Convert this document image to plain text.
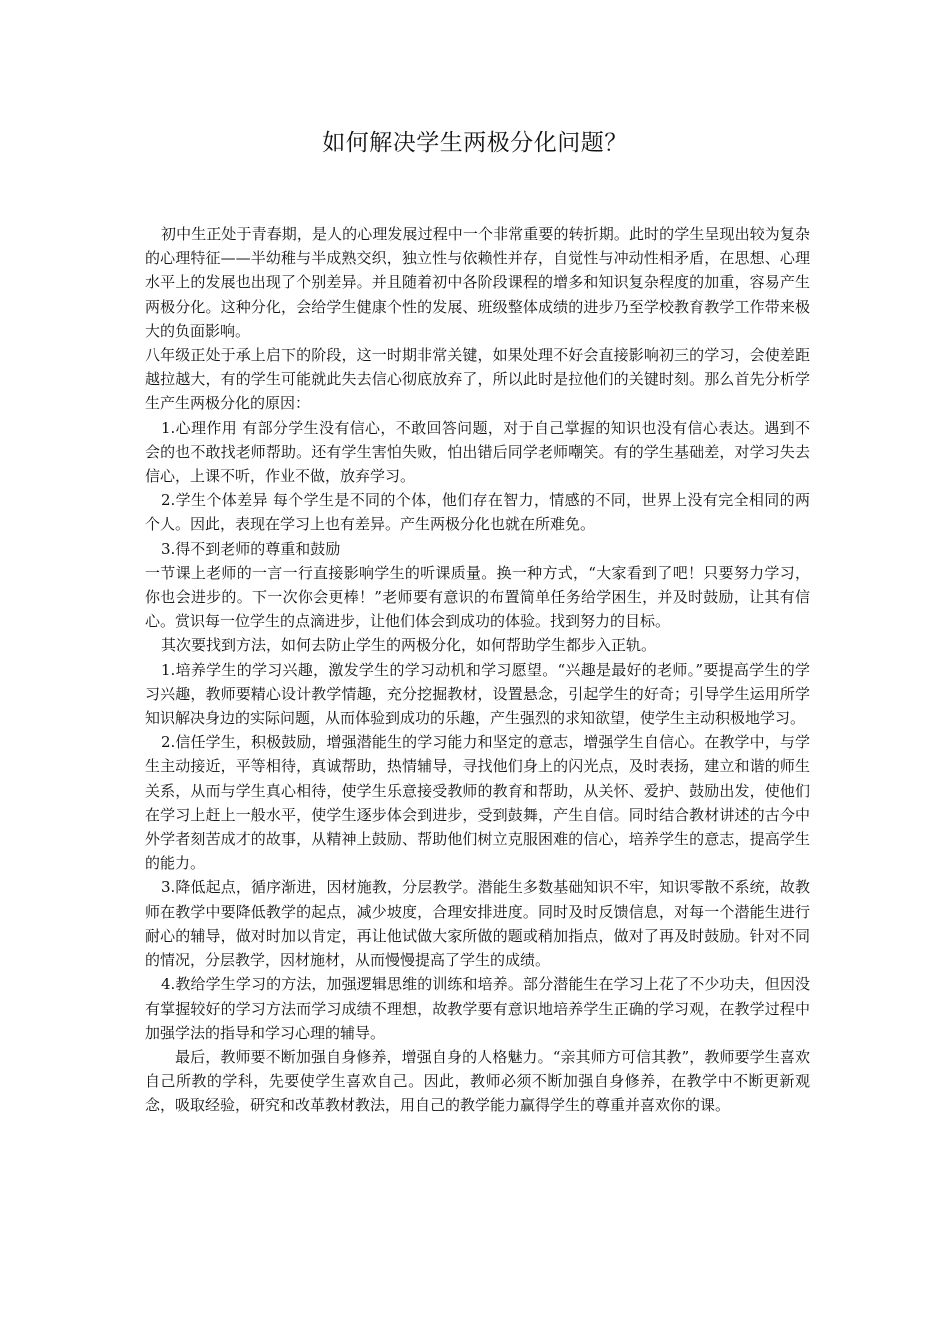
如何解决学生两极分化问题？

初中生正处于青春期，是人的心理发展过程中一个非常重要的转折期。此时的学生呈现出较为复杂的心理特征——半幼稚与半成熟交织，独立性与依赖性并存，自觉性与冲动性相矛盾，在思想、心理水平上的发展也出现了个别差异。并且随着初中各阶段课程的增多和知识复杂程度的加重，容易产生两极分化。这种分化，会给学生健康个性的发展、班级整体成绩的进步乃至学校教育教学工作带来极大的负面影响。

八年级正处于承上启下的阶段，这一时期非常关键，如果处理不好会直接影响初三的学习，会使差距越拉越大，有的学生可能就此失去信心彻底放弃了，所以此时是拉他们的关键时刻。那么首先分析学生产生两极分化的原因：

1.心理作用 有部分学生没有信心，不敢回答问题，对于自己掌握的知识也没有信心表达。遇到不会的也不敢找老师帮助。还有学生害怕失败，怕出错后同学老师嘲笑。有的学生基础差，对学习失去信心，上课不听，作业不做，放弃学习。

2.学生个体差异 每个学生是不同的个体，他们存在智力，情感的不同，世界上没有完全相同的两个人。因此，表现在学习上也有差异。产生两极分化也就在所难免。

3.得不到老师的尊重和鼓励

一节课上老师的一言一行直接影响学生的听课质量。换一种方式，“大家看到了吧！只要努力学习，你也会进步的。下一次你会更棒！”老师要有意识的布置简单任务给学困生，并及时鼓励，让其有信心。赏识每一位学生的点滴进步，让他们体会到成功的体验。找到努力的目标。

其次要找到方法，如何去防止学生的两极分化，如何帮助学生都步入正轨。

1.培养学生的学习兴趣，激发学生的学习动机和学习愿望。“兴趣是最好的老师。”要提高学生的学习兴趣，教师要精心设计教学情趣，充分挖掘教材，设置悬念，引起学生的好奇；引导学生运用所学知识解决身边的实际问题，从而体验到成功的乐趣，产生强烈的求知欲望，使学生主动积极地学习。

2.信任学生，积极鼓励，增强潜能生的学习能力和坚定的意志，增强学生自信心。在教学中，与学生主动接近，平等相待，真诚帮助，热情辅导，寻找他们身上的闪光点，及时表扬，建立和谐的师生关系，从而与学生真心相待，使学生乐意接受教师的教育和帮助，从关怀、爱护、鼓励出发，使他们在学习上赶上一般水平，使学生逐步体会到进步，受到鼓舞，产生自信。同时结合教材讲述的古今中外学者刻苦成才的故事，从精神上鼓励、帮助他们树立克服困难的信心，培养学生的意志，提高学生的能力。

3.降低起点，循序渐进，因材施教，分层教学。潜能生多数基础知识不牢，知识零散不系统，故教师在教学中要降低教学的起点，减少坡度，合理安排进度。同时及时反馈信息，对每一个潜能生进行耐心的辅导，做对时加以肯定，再让他试做大家所做的题或稍加指点，做对了再及时鼓励。针对不同的情况，分层教学，因材施材，从而慢慢提高了学生的成绩。

4.教给学生学习的方法，加强逻辑思维的训练和培养。部分潜能生在学习上花了不少功夫，但因没有掌握较好的学习方法而学习成绩不理想，故教学要有意识地培养学生正确的学习观，在教学过程中加强学法的指导和学习心理的辅导。

最后，教师要不断加强自身修养，增强自身的人格魅力。“亲其师方可信其教”，教师要学生喜欢自己所教的学科，先要使学生喜欢自己。因此，教师必须不断加强自身修养，在教学中不断更新观念，吸取经验，研究和改革教材教法，用自己的教学能力赢得学生的尊重并喜欢你的课。
